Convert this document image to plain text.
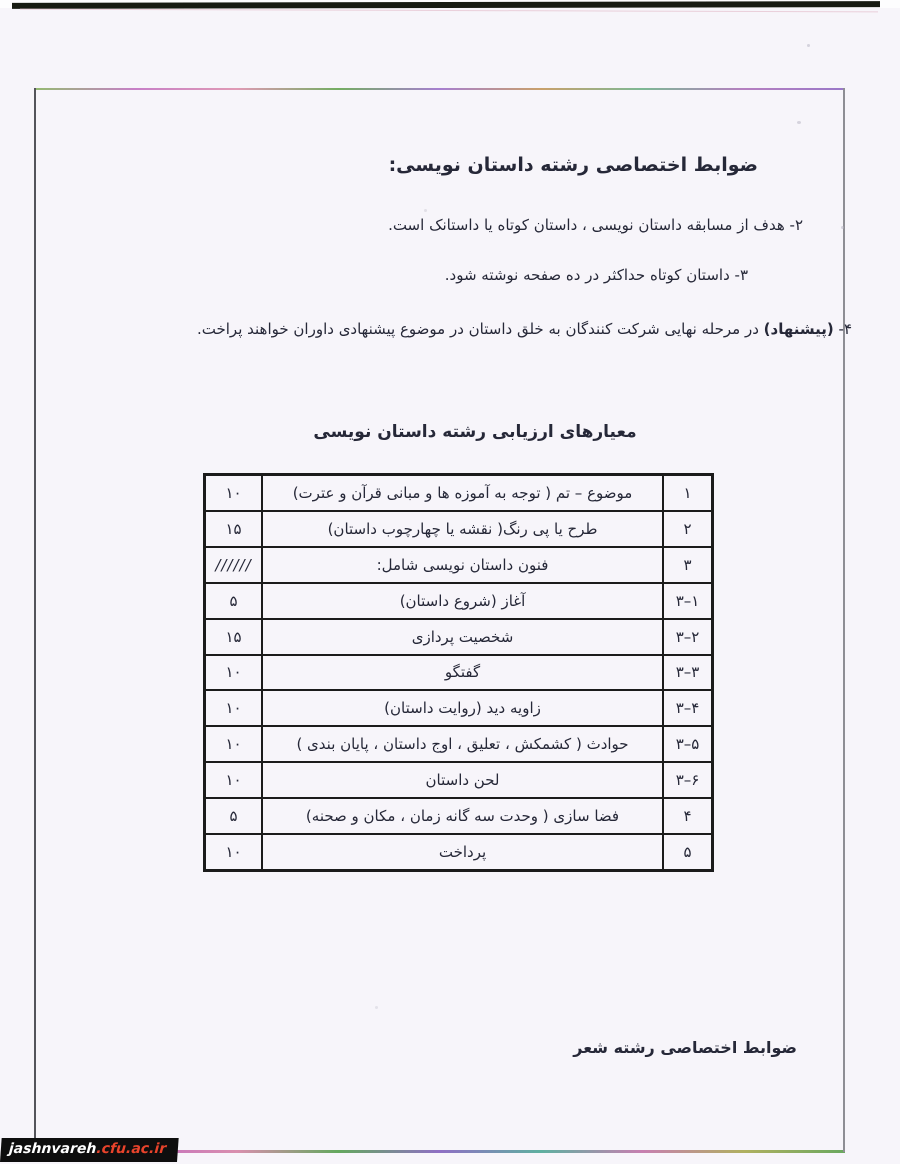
ضوابط اختصاصی رشته داستان نویسی:
۲- هدف از مسابقه داستان نویسی ، داستان کوتاه یا داستانک است.
۳- داستان کوتاه حداکثر در ده صفحه نوشته شود.
۴- (پیشنهاد) در مرحله نهایی شرکت کنندگان به خلق داستان در موضوع پیشنهادی داوران خواهند پراخت.
معیارهای ارزیابی رشته داستان نویسی
۱۰	موضوع – تم ( توجه به آموزه ها و مبانی قرآن و عترت)	۱
۱۵	طرح یا پی رنگ( نقشه یا چهارچوب داستان)	۲
//////	فنون داستان نویسی شامل:	۳
۵	آغاز (شروع داستان)	۳–۱
۱۵	شخصیت پردازی	۳–۲
۱۰	گفتگو	۳–۳
۱۰	زاویه دید (روایت داستان)	۳–۴
۱۰	حوادث ( کشمکش ، تعلیق ، اوج داستان ، پایان بندی )	۳–۵
۱۰	لحن داستان	۳–۶
۵	فضا سازی ( وحدت سه گانه زمان ، مکان و صحنه)	۴
۱۰	پرداخت	۵
ضوابط اختصاصی رشته شعر
jashnvareh.cfu.ac.ir
